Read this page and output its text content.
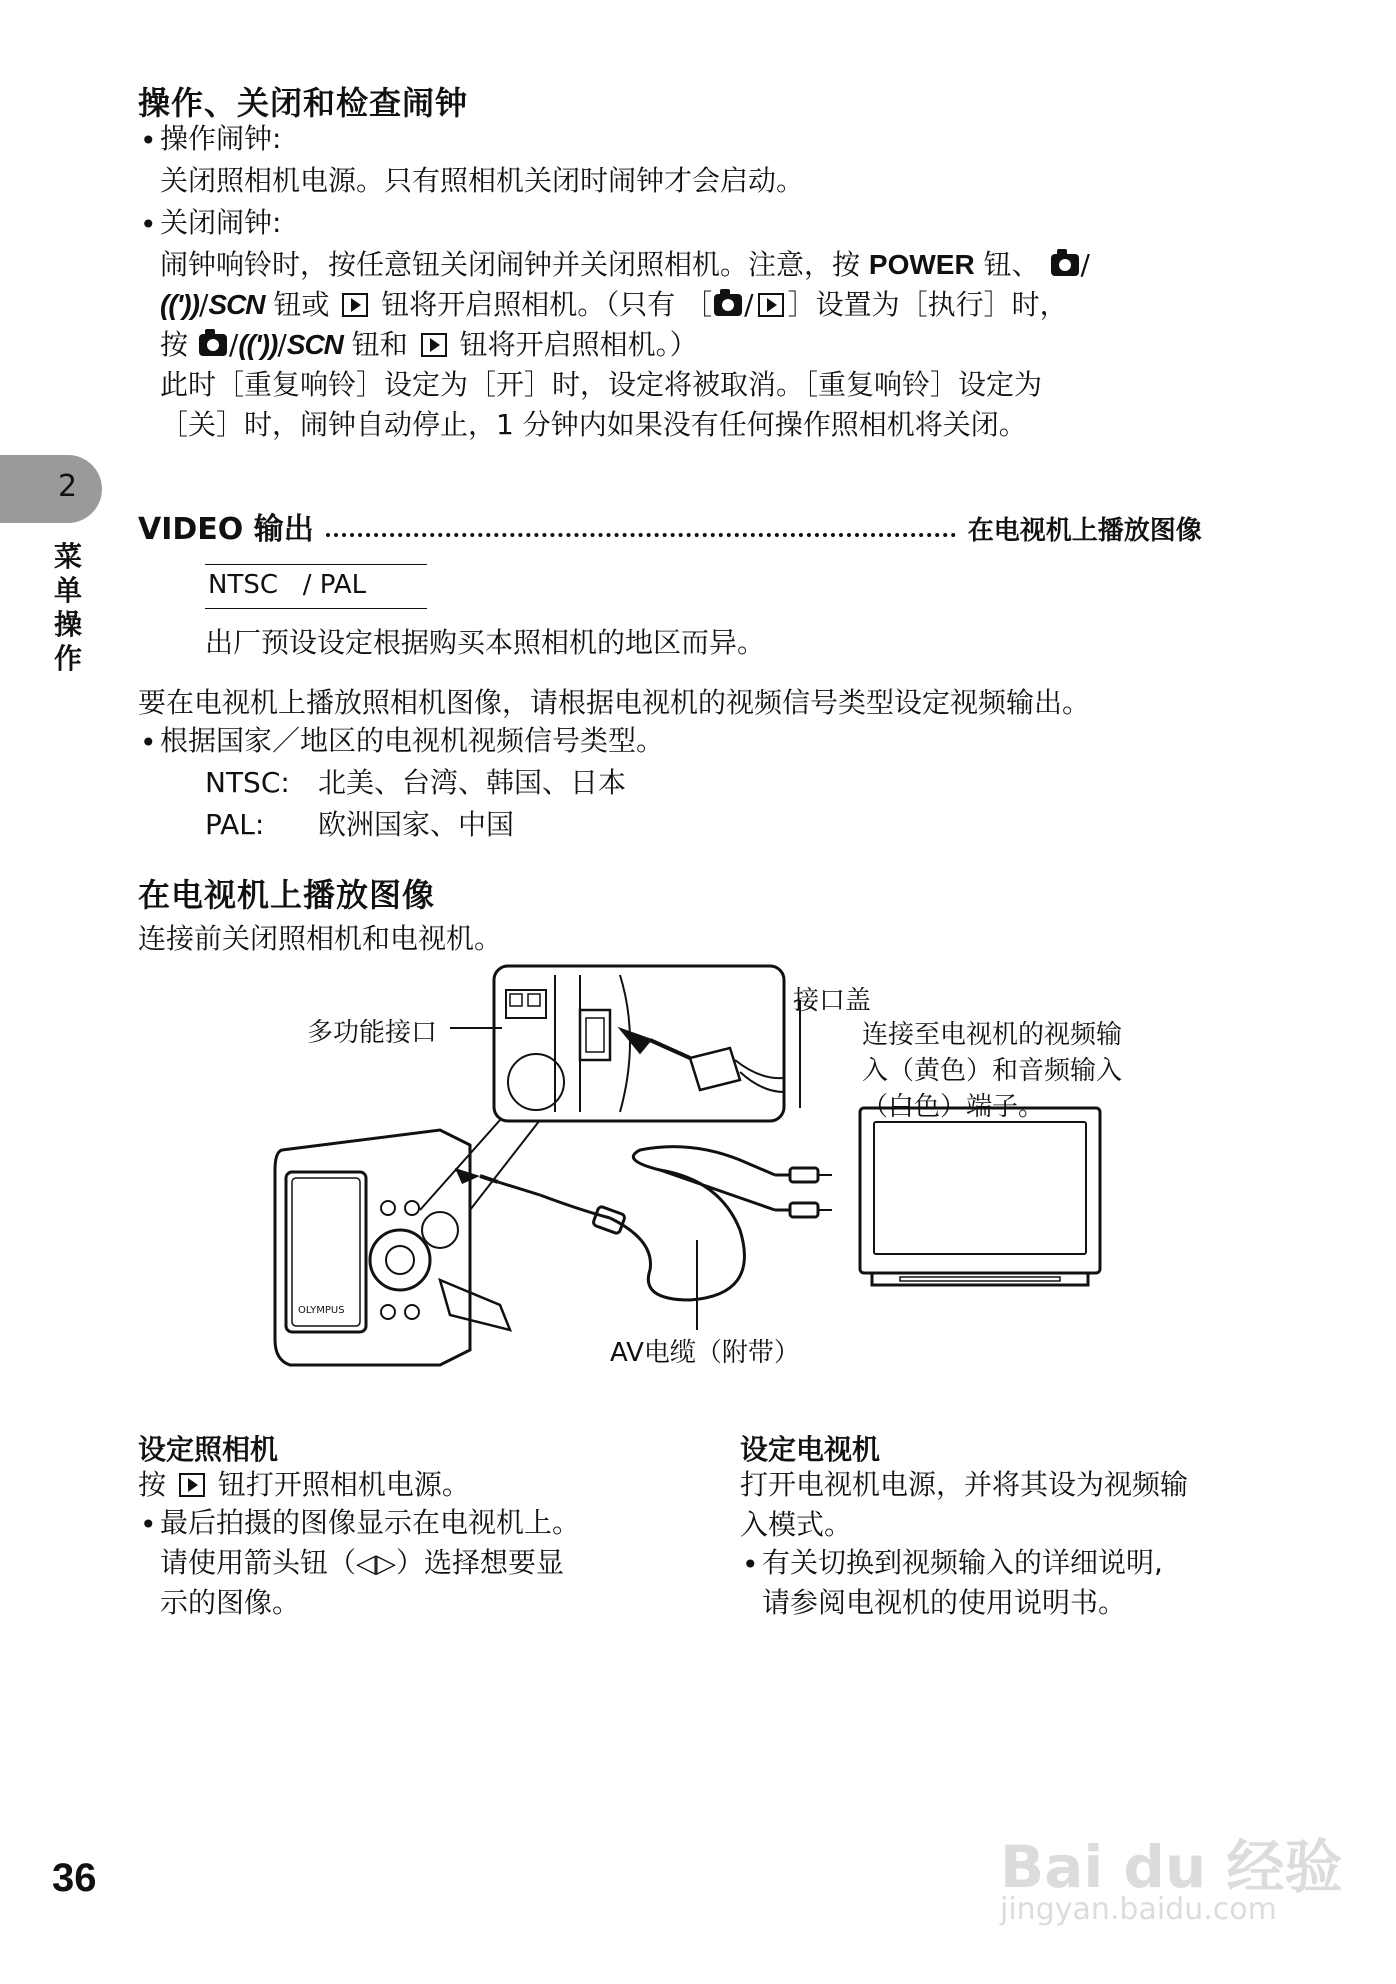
操作、关闭和检查闹钟
• 操作闹钟:
关闭照相机电源。只有照相机关闭时闹钟才会启动。
• 关闭闹钟:
闹钟响铃时，按任意钮关闭闹钟并关闭照相机。注意，按 POWER 钮、 /
(('))/SCN 钮或 钮将开启照相机。（只有 ［ / ］设置为［执行］时，
按 /(('))/SCN 钮和 钮将开启照相机。）
此时［重复响铃］设定为［开］时，设定将被取消。［重复响铃］设定为
［关］时，闹钟自动停止，1 分钟内如果没有任何操作照相机将关闭。
2
菜单操作
VIDEO 输出	在电视机上播放图像
NTSC   / PAL
出厂预设设定根据购买本照相机的地区而异。
要在电视机上播放照相机图像，请根据电视机的视频信号类型设定视频输出。
• 根据国家／地区的电视机视频信号类型。
NTSC: 北美、台湾、韩国、日本
PAL: 欧洲国家、中国
在电视机上播放图像
连接前关闭照相机和电视机。
OLYMPUS
多功能接口
接口盖
连接至电视机的视频输
入（黄色）和音频输入
（白色）端子。
AV电缆（附带）
设定照相机
按 钮打开照相机电源。
• 最后拍摄的图像显示在电视机上。
请使用箭头钮（◁▷）选择想要显
示的图像。
设定电视机
打开电视机电源，并将其设为视频输
入模式。
• 有关切换到视频输入的详细说明,
请参阅电视机的使用说明书。
36	Bai du 经验
jingyan.baidu.com
